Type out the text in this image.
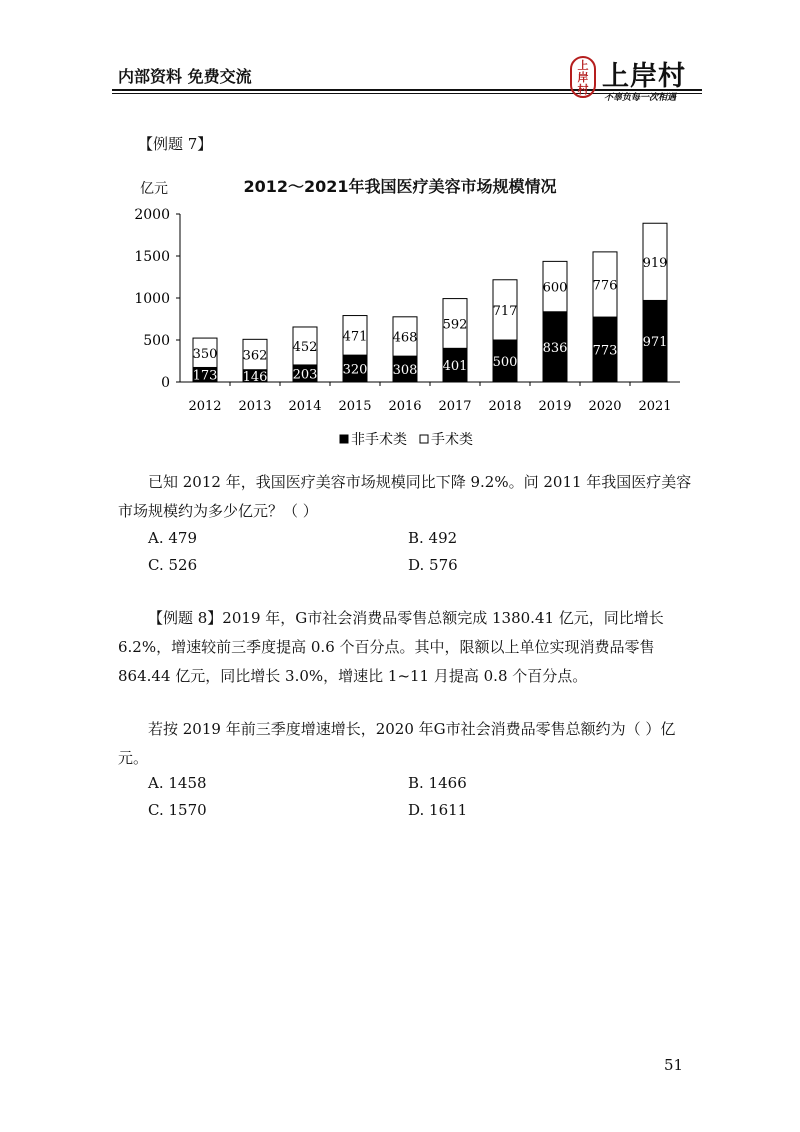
内部资料 免费交流
上
岸
村 上岸村
不辜负每一次相遇
【例题 7】
2012～2021年我国医疗美容市场规模情况
亿元
0
500
1000
1500
2000
173
350
2012
146
362
2013
203
452
2014
320
471
2015
308
468
2016
401
592
2017
500
717
2018
836
600
2019
773
776
2020
971
919
2021
非手术类 手术类

已知 2012 年，我国医疗美容市场规模同比下降 9.2%。问 2011 年我国医疗美容市场规模约为多少亿元？（ ）

A. 479	B. 492
C. 526	D. 576

【例题 8】2019 年，G市社会消费品零售总额完成 1380.41 亿元，同比增长 6.2%，增速较前三季度提高 0.6 个百分点。其中，限额以上单位实现消费品零售 864.44 亿元，同比增长 3.0%，增速比 1~11 月提高 0.8 个百分点。

若按 2019 年前三季度增速增长，2020 年G市社会消费品零售总额约为（ ）亿元。

A. 1458	B. 1466
C. 1570	D. 1611
51
